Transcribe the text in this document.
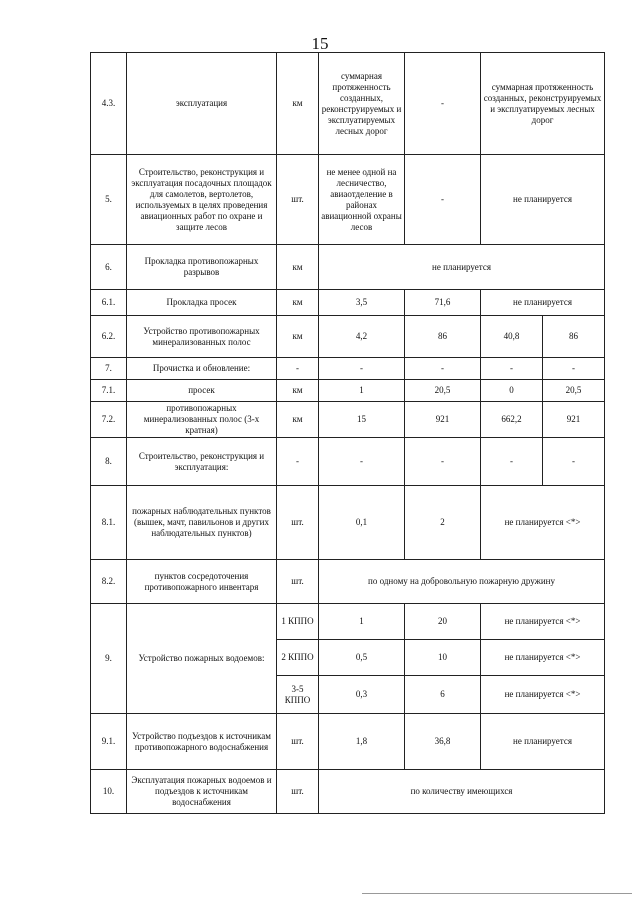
15
4.3.	эксплуатация	км	суммарная протяженность созданных, реконструируемых и эксплуатируемых лесных дорог	-	суммарная протяженность созданных, реконструируемых и эксплуатируемых лесных дорог	
5.	Строительство, реконструкция и эксплуатация посадочных площадок для самолетов, вертолетов, используемых в целях проведения авиационных работ по охране и защите лесов	шт.	не менее одной на лесничество, авиаотделение в районах авиационной охраны лесов	-	не планируется	
6.	Прокладка противопожарных разрывов	км	не планируется			
6.1.	Прокладка просек	км	3,5	71,6	не планируется	
6.2.	Устройство противопожарных минерализованных полос	км	4,2	86	40,8	86
7.	Прочистка и обновление:	-	-	-	-	-
7.1.	просек	км	1	20,5	0	20,5
7.2.	противопожарных минерализованных полос (3-х кратная)	км	15	921	662,2	921
8.	Строительство, реконструкция и эксплуатация:	-	-	-	-	-
8.1.	пожарных наблюдательных пунктов (вышек, мачт, павильонов и других наблюдательных пунктов)	шт.	0,1	2	не планируется <*>	
8.2.	пунктов сосредоточения противопожарного инвентаря	шт.	по одному на добровольную пожарную дружину			
9.	Устройство пожарных водоемов:	1 КППО	1	20	не планируется <*>	
		2 КППО	0,5	10	не планируется <*>	
		3-5 КППО	0,3	6	не планируется <*>	
9.1.	Устройство подъездов к источникам противопожарного водоснабжения	шт.	1,8	36,8	не планируется	
10.	Эксплуатация пожарных водоемов и подъездов к источникам водоснабжения	шт.	по количеству имеющихся			
